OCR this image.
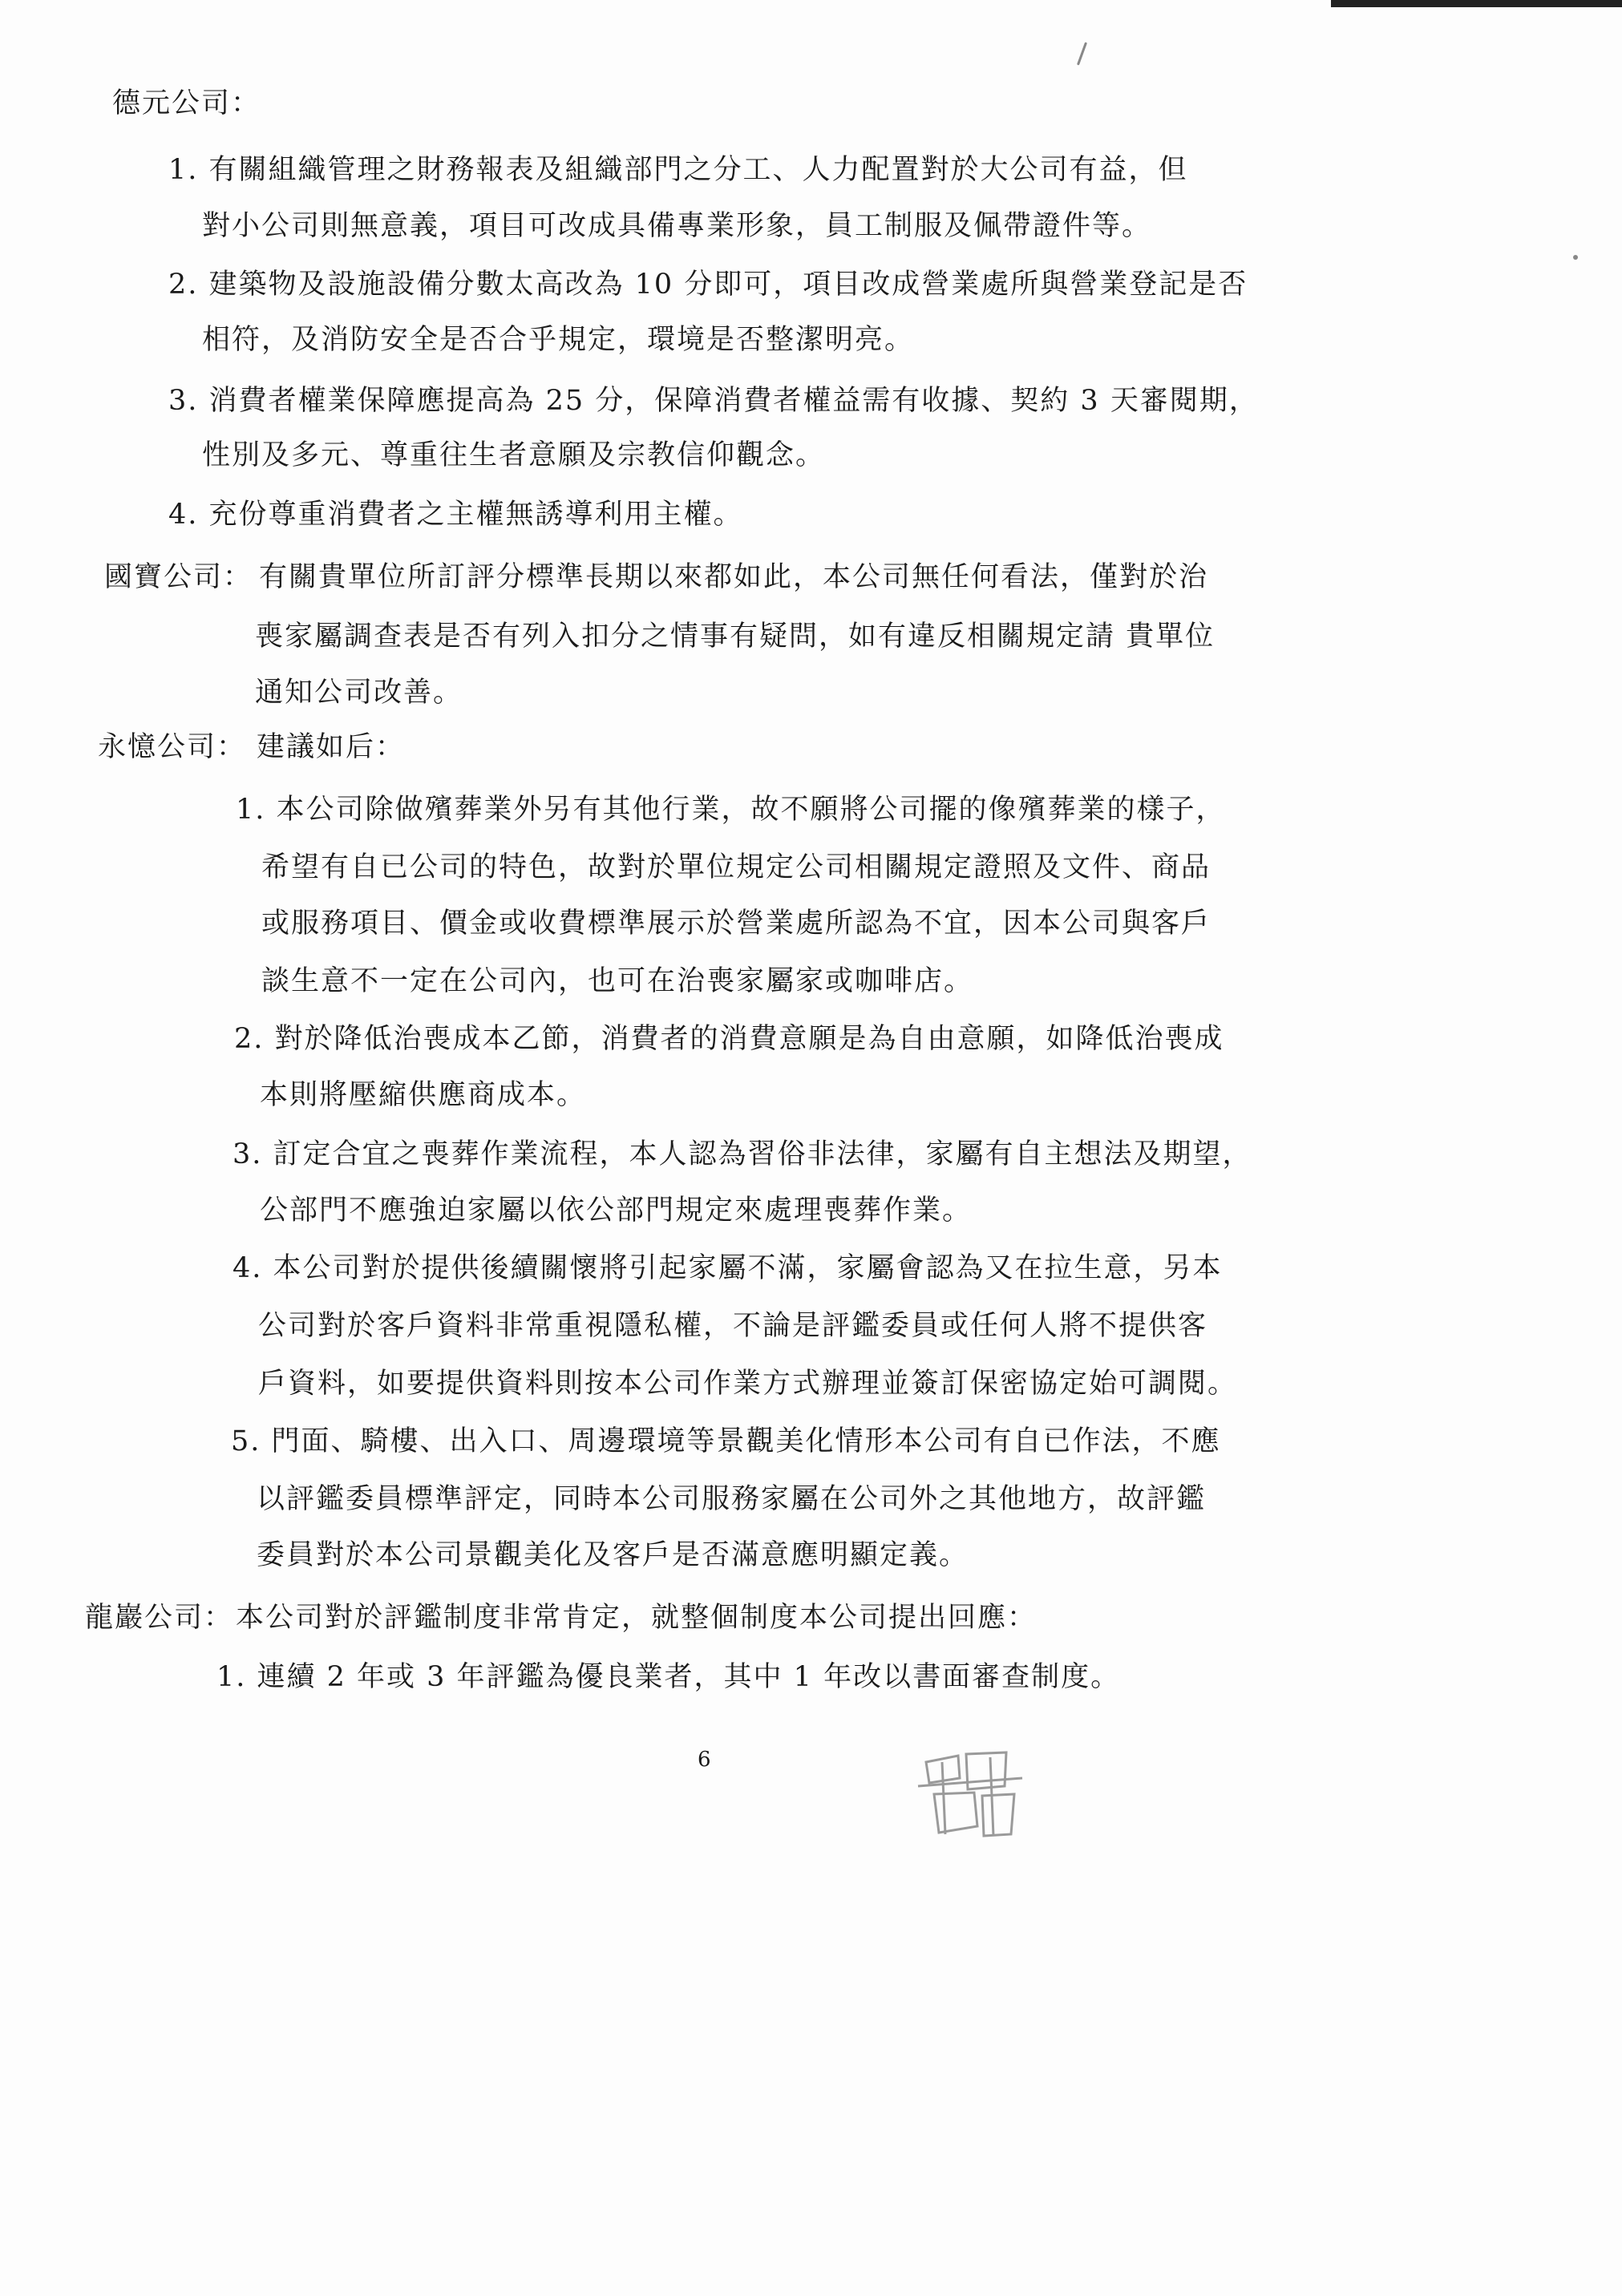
德元公司：
1. 有關組織管理之財務報表及組織部門之分工、人力配置對於大公司有益，但
對小公司則無意義，項目可改成具備專業形象，員工制服及佩帶證件等。
2. 建築物及設施設備分數太高改為 10 分即可，項目改成營業處所與營業登記是否
相符，及消防安全是否合乎規定，環境是否整潔明亮。
3. 消費者權業保障應提高為 25 分，保障消費者權益需有收據、契約 3 天審閱期，
性別及多元、尊重往生者意願及宗教信仰觀念。
4. 充份尊重消費者之主權無誘導利用主權。
國寶公司： 有關貴單位所訂評分標準長期以來都如此，本公司無任何看法，僅對於治
喪家屬調查表是否有列入扣分之情事有疑問，如有違反相關規定請 貴單位
通知公司改善。
永憶公司： 建議如后：
1. 本公司除做殯葬業外另有其他行業，故不願將公司擺的像殯葬業的樣子，
希望有自已公司的特色，故對於單位規定公司相關規定證照及文件、商品
或服務項目、價金或收費標準展示於營業處所認為不宜，因本公司與客戶
談生意不一定在公司內，也可在治喪家屬家或咖啡店。
2. 對於降低治喪成本乙節，消費者的消費意願是為自由意願，如降低治喪成
本則將壓縮供應商成本。
3. 訂定合宜之喪葬作業流程，本人認為習俗非法律，家屬有自主想法及期望，
公部門不應強迫家屬以依公部門規定來處理喪葬作業。
4. 本公司對於提供後續關懷將引起家屬不滿，家屬會認為又在拉生意，另本
公司對於客戶資料非常重視隱私權，不論是評鑑委員或任何人將不提供客
戶資料，如要提供資料則按本公司作業方式辦理並簽訂保密協定始可調閱。
5. 門面、騎樓、出入口、周邊環境等景觀美化情形本公司有自已作法，不應
以評鑑委員標準評定，同時本公司服務家屬在公司外之其他地方，故評鑑
委員對於本公司景觀美化及客戶是否滿意應明顯定義。
龍巖公司： 本公司對於評鑑制度非常肯定，就整個制度本公司提出回應：
1. 連續 2 年或 3 年評鑑為優良業者，其中 1 年改以書面審查制度。
6
